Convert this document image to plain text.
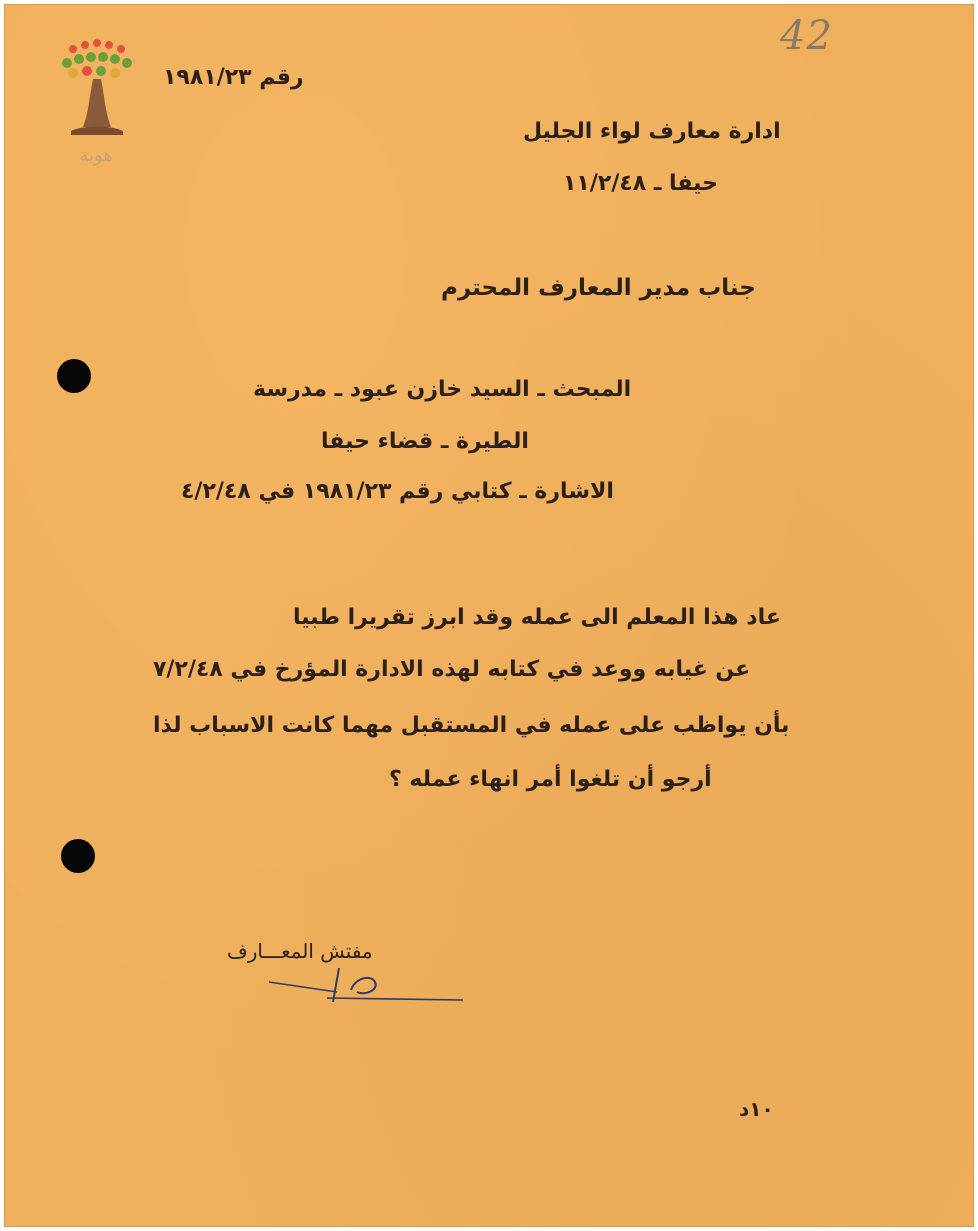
42
هوية
رقم ١٩٨١/٢٣
ادارة معارف لواء الجليل
حيفا ـ ١١/٢/٤٨
جناب مدير المعارف المحترم
المبحث ـ السيد خازن عبود ـ مدرسة
الطيرة ـ قضاء حيفا
الاشارة ـ كتابي رقم ١٩٨١/٢٣ في ٤/٢/٤٨
عاد هذا المعلم الى عمله وقد ابرز تقريرا طبيا
عن غيابه ووعد في كتابه لهذه الادارة المؤرخ في ٧/٢/٤٨
بأن يواظب على عمله في المستقبل مهما كانت الاسباب لذا
أرجو أن تلغوا أمر انهاء عمله ؟
مفتش المعـــارف
١٠د
